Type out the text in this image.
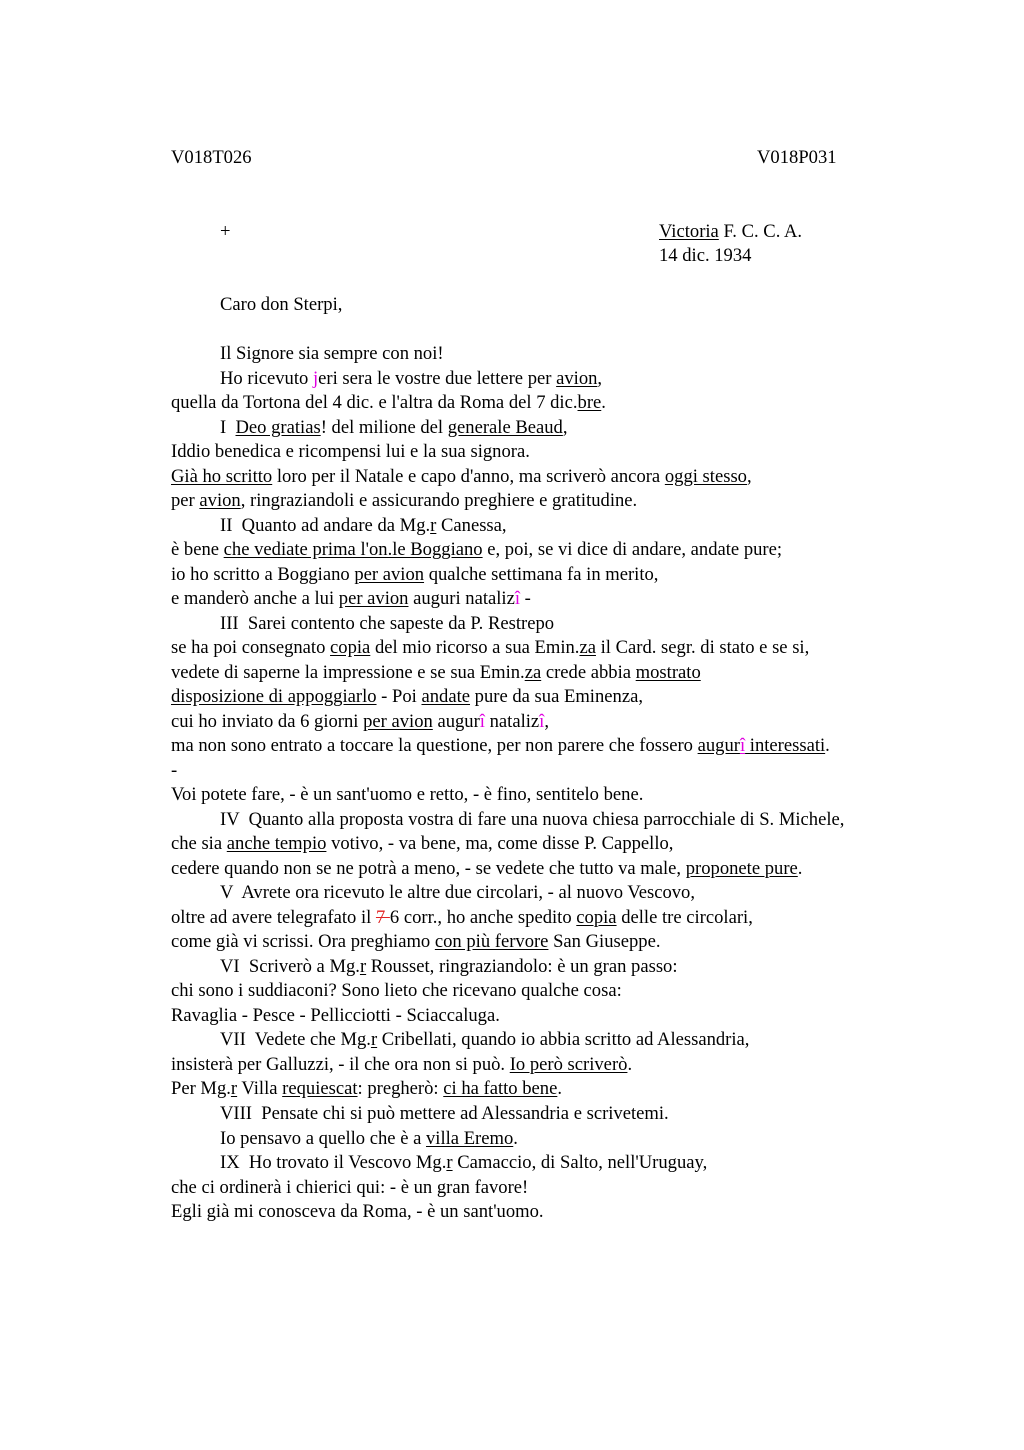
V018T026	V018P031
+	Victoria F. C. C. A.
14 dic. 1934
Caro don Sterpi,
Il Signore sia sempre con noi!
Ho ricevuto jeri sera le vostre due lettere per avion,
quella da Tortona del 4 dic. e l'altra da Roma del 7 dic.bre.
I  Deo gratias! del milione del generale Beaud,
Iddio benedica e ricompensi lui e la sua signora.
Già ho scritto loro per il Natale e capo d'anno, ma scriverò ancora oggi stesso,
per avion, ringraziandoli e assicurando preghiere e gratitudine.
II  Quanto ad andare da Mg.r Canessa,
è bene che vediate prima l'on.le Boggiano e, poi, se vi dice di andare, andate pure;
io ho scritto a Boggiano per avion qualche settimana fa in merito,
e manderò anche a lui per avion auguri natalizî -
III  Sarei contento che sapeste da P. Restrepo
se ha poi consegnato copia del mio ricorso a sua Emin.za il Card. segr. di stato e se si,
vedete di saperne la impressione e se sua Emin.za crede abbia mostrato
disposizione di appoggiarlo - Poi andate pure da sua Eminenza,
cui ho inviato da 6 giorni per avion augurî natalizî,
ma non sono entrato a toccare la questione, per non parere che fossero augurî interessati.
-
Voi potete fare, - è un sant'uomo e retto, - è fino, sentitelo bene.
IV  Quanto alla proposta vostra di fare una nuova chiesa parrocchiale di S. Michele,
che sia anche tempio votivo, - va bene, ma, come disse P. Cappello,
cedere quando non se ne potrà a meno, - se vedete che tutto va male, proponete pure.
V  Avrete ora ricevuto le altre due circolari, - al nuovo Vescovo,
oltre ad avere telegrafato il 7 6 corr., ho anche spedito copia delle tre circolari,
come già vi scrissi. Ora preghiamo con più fervore San Giuseppe.
VI  Scriverò a Mg.r Rousset, ringraziandolo: è un gran passo:
chi sono i suddiaconi? Sono lieto che ricevano qualche cosa:
Ravaglia - Pesce - Pellicciotti - Sciaccaluga.
VII  Vedete che Mg.r Cribellati, quando io abbia scritto ad Alessandria,
insisterà per Galluzzi, - il che ora non si può. Io però scriverò.
Per Mg.r Villa requiescat: pregherò: ci ha fatto bene.
VIII  Pensate chi si può mettere ad Alessandria e scrivetemi.
Io pensavo a quello che è a villa Eremo.
IX  Ho trovato il Vescovo Mg.r Camaccio, di Salto, nell'Uruguay,
che ci ordinerà i chierici qui: - è un gran favore!
Egli già mi conosceva da Roma, - è un sant'uomo.
